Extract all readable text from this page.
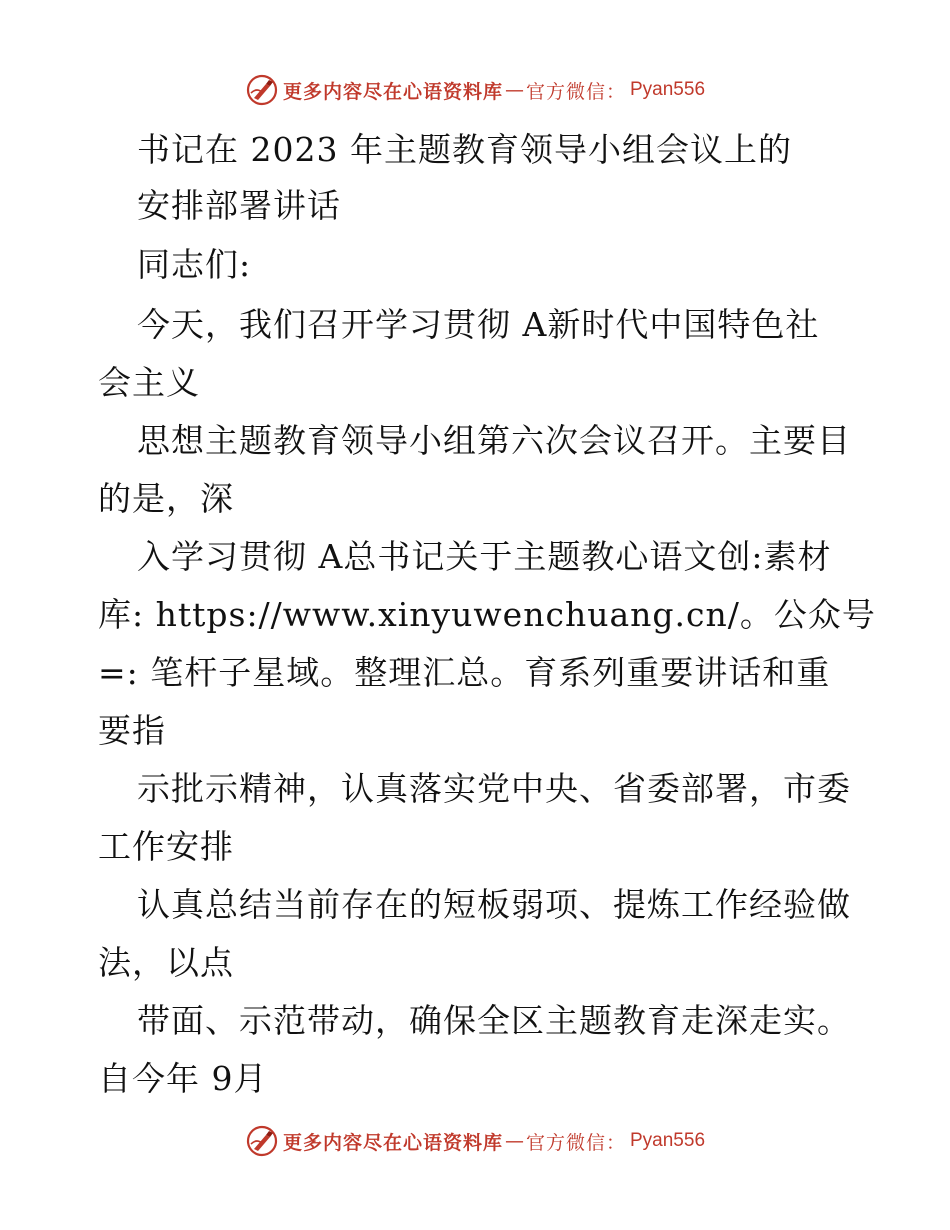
更多内容尽在心语资料库 — 官方微信： Pyan556
书记在 2023 年主题教育领导小组会议上的
安排部署讲话
同志们:
今天，我们召开学习贯彻 A新时代中国特色社
会主义
思想主题教育领导小组第六次会议召开。主要目
的是，深
入学习贯彻 A总书记关于主题教心语文创:素材
库: https://www.xinyuwenchuang.cn/。公众号
=: 笔杆子星域。整理汇总。育系列重要讲话和重
要指
示批示精神，认真落实党中央、省委部署，市委
工作安排
认真总结当前存在的短板弱项、提炼工作经验做
法，以点
带面、示范带动，确保全区主题教育走深走实。
自今年 9月
更多内容尽在心语资料库 — 官方微信： Pyan556
